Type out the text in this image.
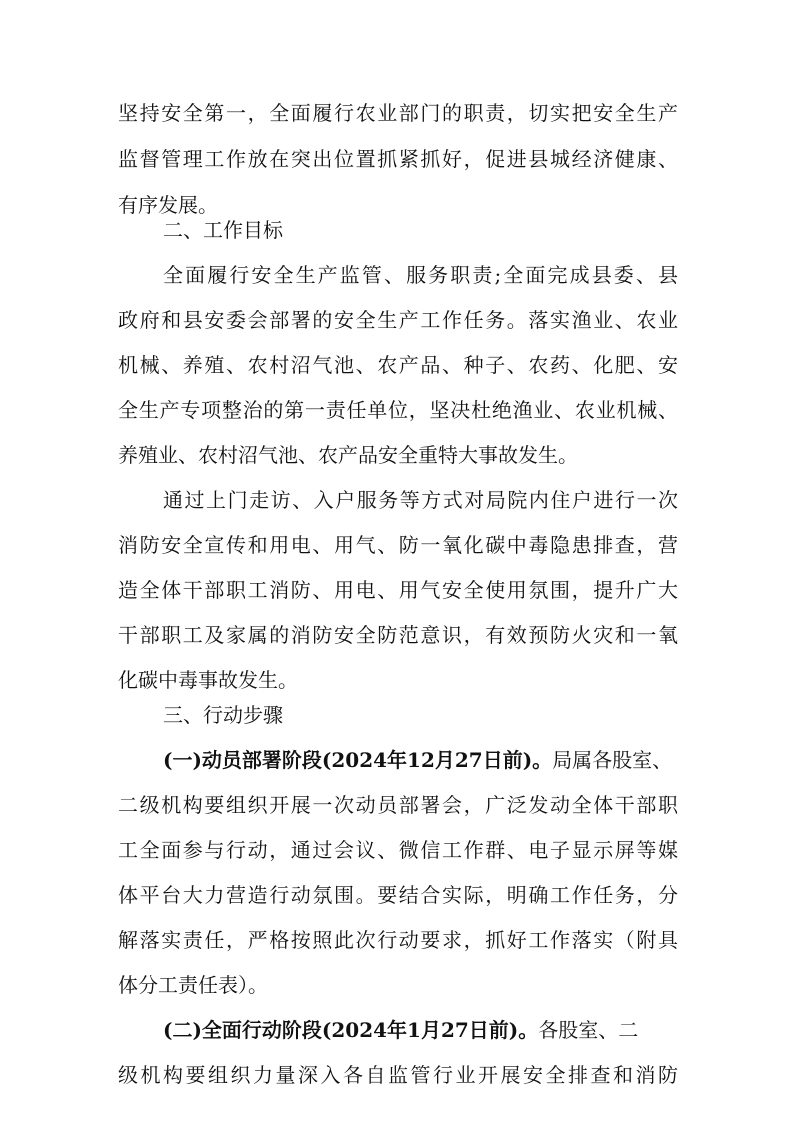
坚持安全第一，全面履行农业部门的职责，切实把安全生产
监督管理工作放在突出位置抓紧抓好，促进县城经济健康、
有序发展。
二、工作目标
全面履行安全生产监管、服务职责;全面完成县委、县
政府和县安委会部署的安全生产工作任务。落实渔业、农业
机械、养殖、农村沼气池、农产品、种子、农药、化肥、安
全生产专项整治的第一责任单位，坚决杜绝渔业、农业机械、
养殖业、农村沼气池、农产品安全重特大事故发生。
通过上门走访、入户服务等方式对局院内住户进行一次
消防安全宣传和用电、用气、防一氧化碳中毒隐患排查，营
造全体干部职工消防、用电、用气安全使用氛围，提升广大
干部职工及家属的消防安全防范意识，有效预防火灾和一氧
化碳中毒事故发生。
三、行动步骤
(一)动员部署阶段(2024年12月27日前)。局属各股室、
二级机构要组织开展一次动员部署会，广泛发动全体干部职
工全面参与行动，通过会议、微信工作群、电子显示屏等媒
体平台大力营造行动氛围。要结合实际，明确工作任务，分
解落实责任，严格按照此次行动要求，抓好工作落实（附具
体分工责任表）。
(二)全面行动阶段(2024年1月27日前)。各股室、二
级机构要组织力量深入各自监管行业开展安全排查和消防
